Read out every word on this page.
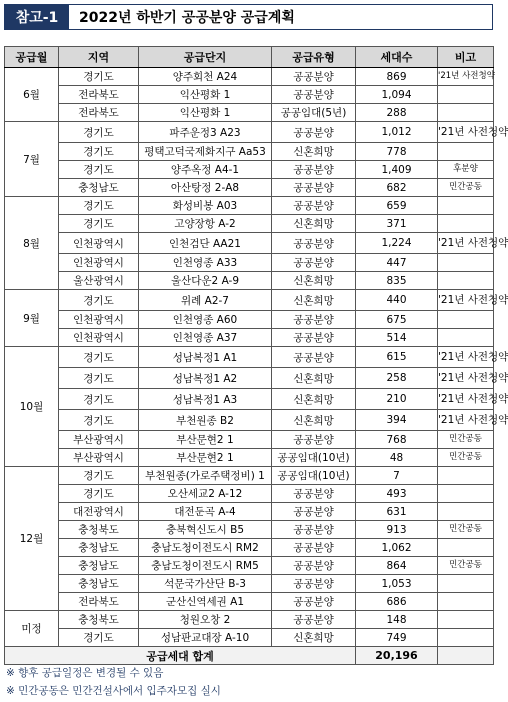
참고-1	2022년 하반기 공공분양 공급계획
공급월	지역	공급단지	공급유형	세대수	비고
6월	경기도	양주회천 A24	공공분양	869	'21년 사전청약
	전라북도	익산평화 1	공공분양	1,094	
	전라북도	익산평화 1	공공임대(5년)	288	
7월	경기도	파주운정3 A23	공공분양	1,012	'21년 사전청약
	경기도	평택고덕국제화지구 Aa53	신혼희망	778	
	경기도	양주옥정 A4-1	공공분양	1,409	후분양
	충청남도	아산탕정 2-A8	공공분양	682	민간공동
8월	경기도	화성비봉 A03	공공분양	659	
	경기도	고양장항 A-2	신혼희망	371	
	인천광역시	인천검단 AA21	공공분양	1,224	'21년 사전청약
	인천광역시	인천영종 A33	공공분양	447	
	울산광역시	울산다운2 A-9	신혼희망	835	
9월	경기도	위례 A2-7	신혼희망	440	'21년 사전청약
	인천광역시	인천영종 A60	공공분양	675	
	인천광역시	인천영종 A37	공공분양	514	
10월	경기도	성남복정1 A1	공공분양	615	'21년 사전청약
	경기도	성남복정1 A2	신혼희망	258	'21년 사전청약
	경기도	성남복정1 A3	신혼희망	210	'21년 사전청약
	경기도	부천원종 B2	신혼희망	394	'21년 사전청약
	부산광역시	부산문현2 1	공공분양	768	민간공동
	부산광역시	부산문현2 1	공공임대(10년)	48	민간공동
12월	경기도	부천원종(가로주택정비) 1	공공임대(10년)	7	
	경기도	오산세교2 A-12	공공분양	493	
	대전광역시	대전둔곡 A-4	공공분양	631	
	충청북도	충북혁신도시 B5	공공분양	913	민간공동
	충청남도	충남도청이전도시 RM2	공공분양	1,062	
	충청남도	충남도청이전도시 RM5	공공분양	864	민간공동
	충청남도	석문국가산단 B-3	공공분양	1,053	
	전라북도	군산신역세권 A1	공공분양	686	
미정	충청북도	청원오창 2	공공분양	148	
	경기도	성남판교대장 A-10	신혼희망	749	
공급세대 합계				20,196	
※ 향후 공급일정은 변경될 수 있음
※ 민간공동은 민간건설사에서 입주자모집 실시
